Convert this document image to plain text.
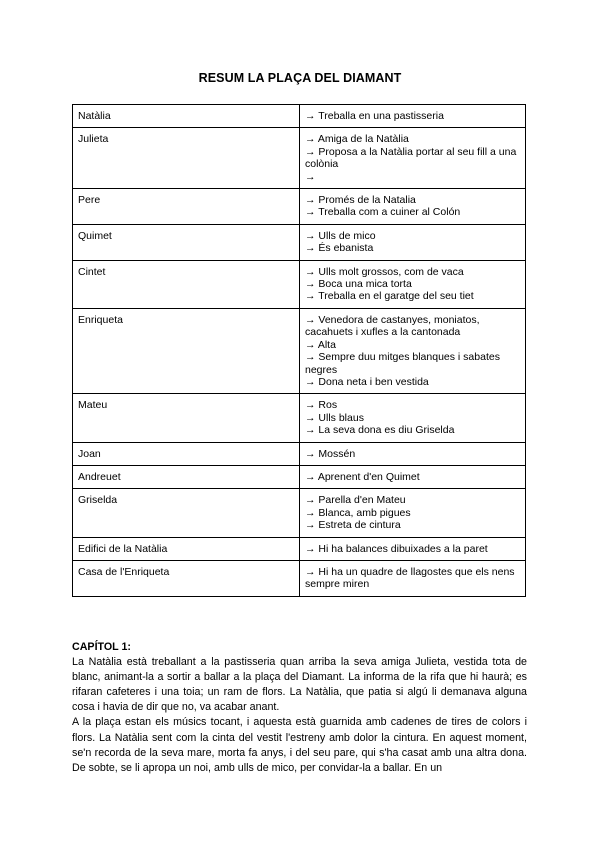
RESUM LA PLAÇA DEL DIAMANT
Natàlia	→ Treballa en una pastisseria

Julieta	→ Amiga de la Natàlia
→ Proposa a la Natàlia portar al seu fill a una colònia
→

Pere	→ Promés de la Natalia
→ Treballa com a cuiner al Colón

Quimet	→ Ulls de mico
→ És ebanista

Cintet	→ Ulls molt grossos, com de vaca
→ Boca una mica torta
→ Treballa en el garatge del seu tiet

Enriqueta	→ Venedora de castanyes, moniatos, cacahuets i xufles a la cantonada
→ Alta
→ Sempre duu mitges blanques i sabates negres
→ Dona neta i ben vestida

Mateu	→ Ros
→ Ulls blaus
→ La seva dona es diu Griselda

Joan	→ Mossén

Andreuet	→ Aprenent d'en Quimet

Griselda	→ Parella d'en Mateu
→ Blanca, amb pigues
→ Estreta de cintura

Edifici de la Natàlia	→ Hi ha balances dibuixades a la paret

Casa de l'Enriqueta	→ Hi ha un quadre de llagostes que els nens sempre miren
CAPÍTOL 1:

La Natàlia està treballant a la pastisseria quan arriba la seva amiga Julieta, vestida tota de blanc, animant-la a sortir a ballar a la plaça del Diamant. La informa de la rifa que hi haurà; es rifaran cafeteres i una toia; un ram de flors. La Natàlia, que patia si algú li demanava alguna cosa i havia de dir que no, va acabar anant.

A la plaça estan els músics tocant, i aquesta està guarnida amb cadenes de tires de colors i flors. La Natàlia sent com la cinta del vestit l'estreny amb dolor la cintura. En aquest moment, se'n recorda de la seva mare, morta fa anys, i del seu pare, qui s'ha casat amb una altra dona. De sobte, se li apropa un noi, amb ulls de mico, per convidar-la a ballar. En un
